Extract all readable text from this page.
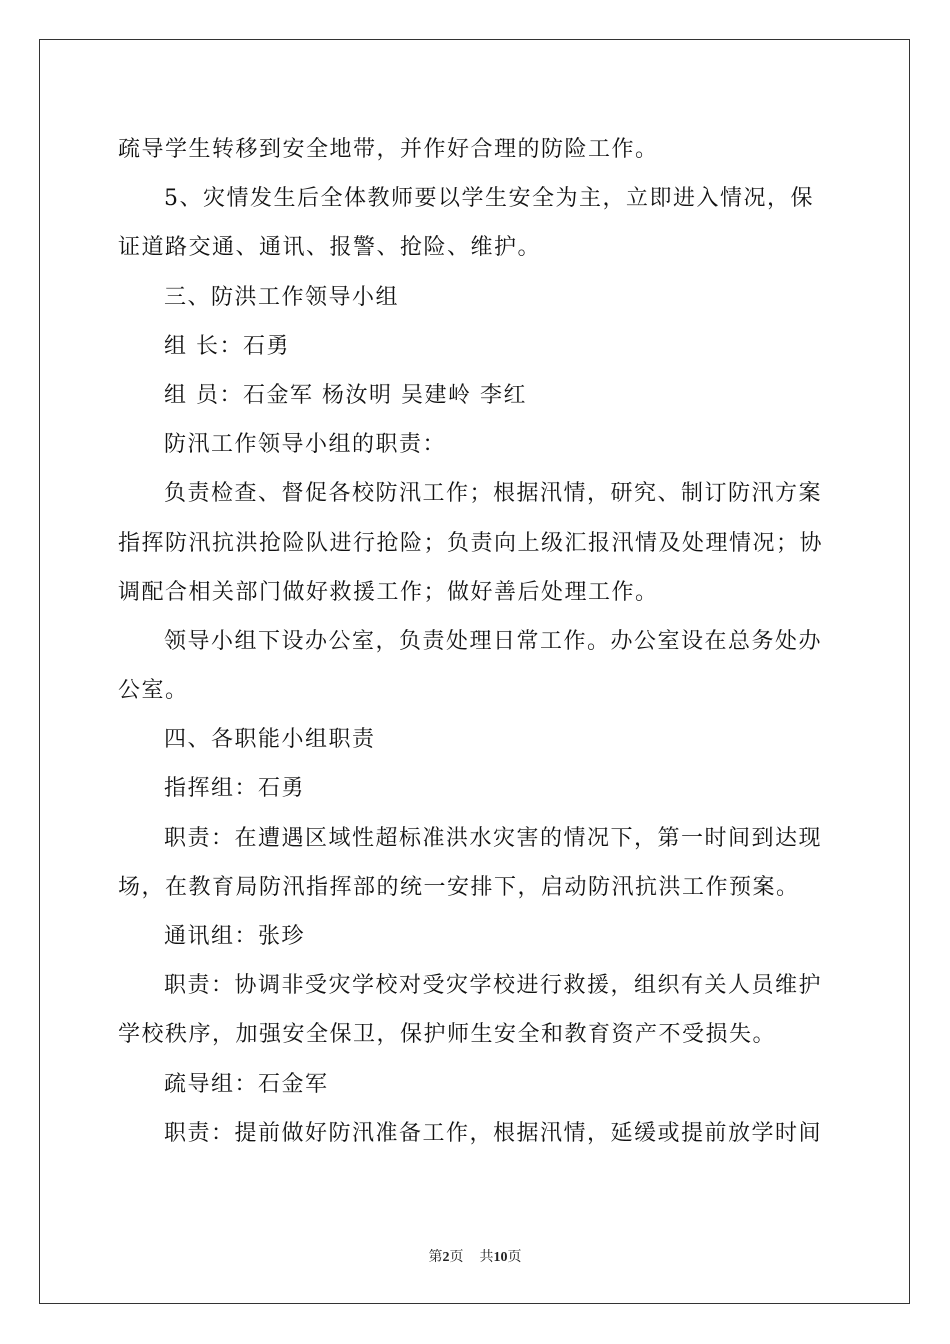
疏导学生转移到安全地带，并作好合理的防险工作。
5、灾情发生后全体教师要以学生安全为主，立即进入情况，保
证道路交通、通讯、报警、抢险、维护。
三、防洪工作领导小组
组 长：石勇
组 员：石金军 杨汝明 吴建岭 李红
防汛工作领导小组的职责：
负责检查、督促各校防汛工作；根据汛情，研究、制订防汛方案
指挥防汛抗洪抢险队进行抢险；负责向上级汇报汛情及处理情况；协
调配合相关部门做好救援工作；做好善后处理工作。
领导小组下设办公室，负责处理日常工作。办公室设在总务处办
公室。
四、各职能小组职责
指挥组：石勇
职责：在遭遇区域性超标准洪水灾害的情况下，第一时间到达现
场，在教育局防汛指挥部的统一安排下，启动防汛抗洪工作预案。
通讯组：张珍
职责：协调非受灾学校对受灾学校进行救援，组织有关人员维护
学校秩序，加强安全保卫，保护师生安全和教育资产不受损失。
疏导组：石金军
职责：提前做好防汛准备工作，根据汛情，延缓或提前放学时间
第2页 共10页
